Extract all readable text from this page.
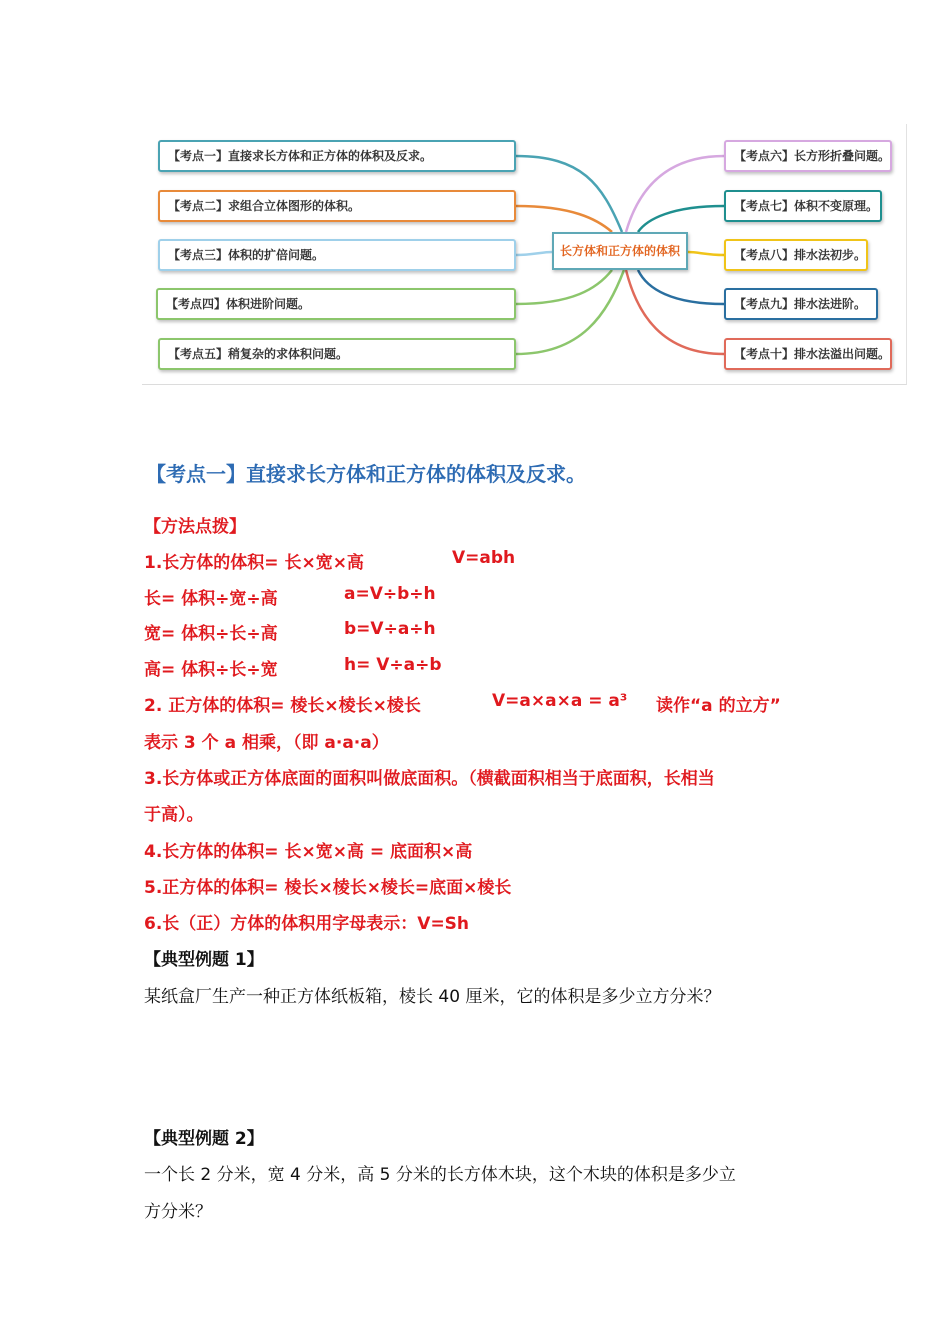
长方体和正方体的体积
【考点一】直接求长方体和正方体的体积及反求。
【考点二】求组合立体图形的体积。
【考点三】体积的扩倍问题。
【考点四】体积进阶问题。
【考点五】稍复杂的求体积问题。
【考点六】长方形折叠问题。
【考点七】体积不变原理。
【考点八】排水法初步。
【考点九】排水法进阶。
【考点十】排水法溢出问题。
【考点一】直接求长方体和正方体的体积及反求。
【方法点拨】
1.长方体的体积= 长×宽×高	V=abh
长= 体积÷宽÷高	a=V÷b÷h
宽= 体积÷长÷高	b=V÷a÷h
高= 体积÷长÷宽	h= V÷a÷b
2. 正方体的体积= 棱长×棱长×棱长	V=a×a×a = a³ 读作“a 的立方”
表示 3 个 a 相乘，（即 a·a·a）
3.长方体或正方体底面的面积叫做底面积。（横截面积相当于底面积，长相当
于高）。
4.长方体的体积= 长×宽×高 = 底面积×高
5.正方体的体积= 棱长×棱长×棱长=底面×棱长
6.长（正）方体的体积用字母表示：V=Sh
【典型例题 1】
某纸盒厂生产一种正方体纸板箱，棱长 40 厘米，它的体积是多少立方分米？
【典型例题 2】
一个长 2 分米，宽 4 分米，高 5 分米的长方体木块，这个木块的体积是多少立
方分米？
